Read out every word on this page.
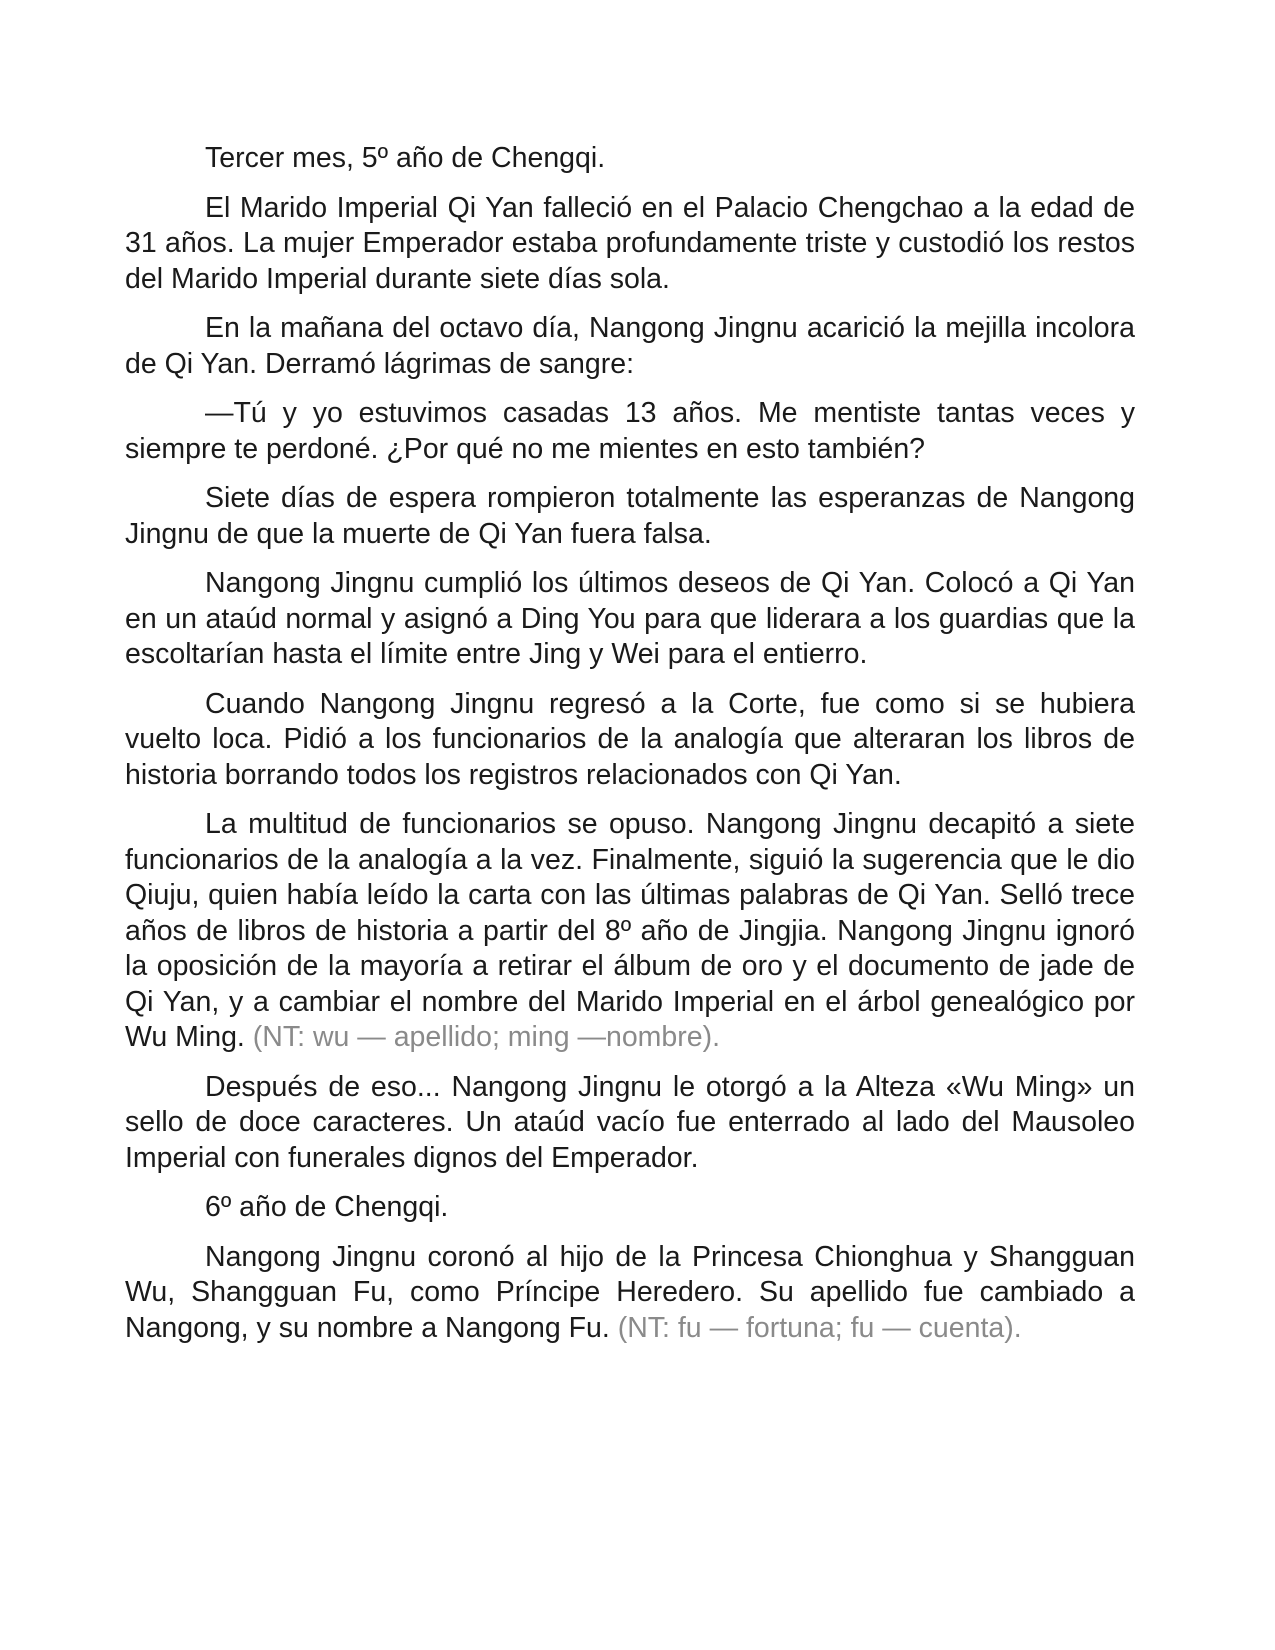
Tercer mes, 5º año de Chengqi.

El Marido Imperial Qi Yan falleció en el Palacio Chengchao a la edad de 31 años. La mujer Emperador estaba profundamente triste y custodió los restos del Marido Imperial durante siete días sola.

En la mañana del octavo día, Nangong Jingnu acarició la mejilla incolora de Qi Yan. Derramó lágrimas de sangre:

—Tú y yo estuvimos casadas 13 años. Me mentiste tantas veces y siempre te perdoné. ¿Por qué no me mientes en esto también?

Siete días de espera rompieron totalmente las esperanzas de Nangong Jingnu de que la muerte de Qi Yan fuera falsa.

Nangong Jingnu cumplió los últimos deseos de Qi Yan. Colocó a Qi Yan en un ataúd normal y asignó a Ding You para que liderara a los guardias que la escoltarían hasta el límite entre Jing y Wei para el entierro.

Cuando Nangong Jingnu regresó a la Corte, fue como si se hubiera vuelto loca. Pidió a los funcionarios de la analogía que alteraran los libros de historia borrando todos los registros relacionados con Qi Yan.

La multitud de funcionarios se opuso. Nangong Jingnu decapitó a siete funcionarios de la analogía a la vez. Finalmente, siguió la sugerencia que le dio Qiuju, quien había leído la carta con las últimas palabras de Qi Yan. Selló trece años de libros de historia a partir del 8º año de Jingjia. Nangong Jingnu ignoró la oposición de la mayoría a retirar el álbum de oro y el documento de jade de Qi Yan, y a cambiar el nombre del Marido Imperial en el árbol genealógico por Wu Ming. (NT: wu — apellido; ming —nombre).

Después de eso... Nangong Jingnu le otorgó a la Alteza «Wu Ming» un sello de doce caracteres. Un ataúd vacío fue enterrado al lado del Mausoleo Imperial con funerales dignos del Emperador.

6º año de Chengqi.

Nangong Jingnu coronó al hijo de la Princesa Chionghua y Shangguan Wu, Shangguan Fu, como Príncipe Heredero. Su apellido fue cambiado a Nangong, y su nombre a Nangong Fu. (NT: fu — fortuna; fu — cuenta).
